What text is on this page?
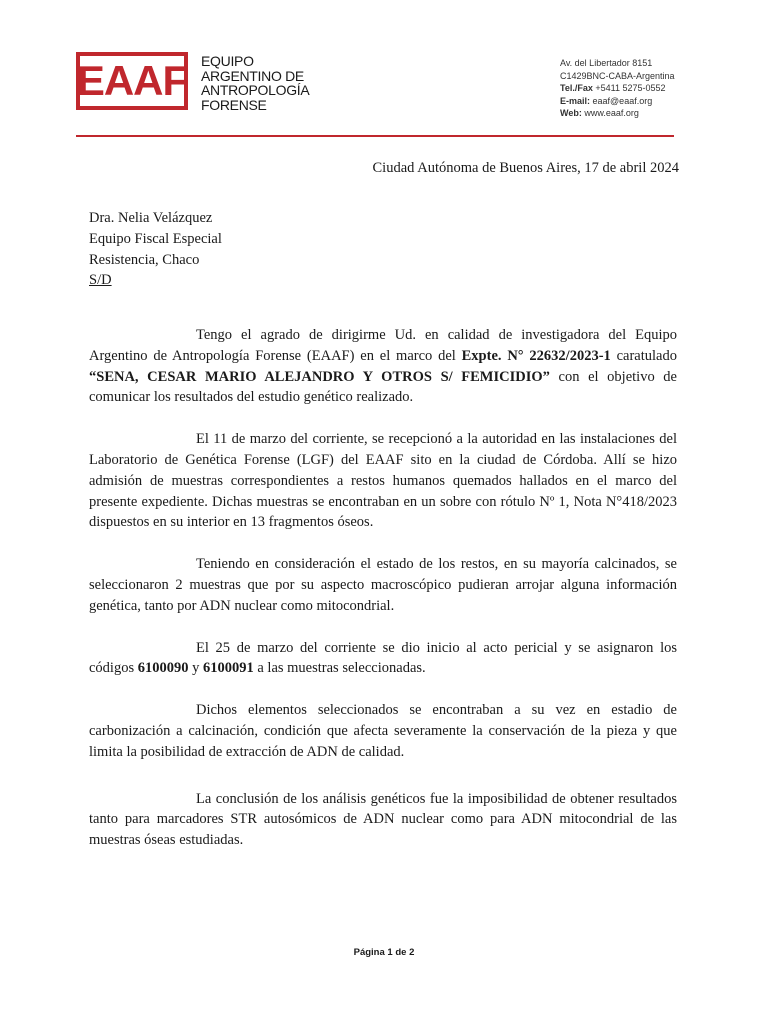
EAAF EQUIPO
ARGENTINO DE
ANTROPOLOGÍA
FORENSE
Av. del Libertador 8151
C1429BNC-CABA-Argentina
Tel./Fax +5411 5275-0552
E-mail: eaaf@eaaf.org
Web: www.eaaf.org
Ciudad Autónoma de Buenos Aires, 17 de abril 2024
Dra. Nelia Velázquez
Equipo Fiscal Especial
Resistencia, Chaco
S/D

Tengo el agrado de dirigirme Ud. en calidad de investigadora del Equipo Argentino de Antropología Forense (EAAF) en el marco del Expte. N° 22632/2023-1 caratulado “SENA, CESAR MARIO ALEJANDRO Y OTROS S/ FEMICIDIO” con el objetivo de comunicar los resultados del estudio genético realizado.

El 11 de marzo del corriente, se recepcionó a la autoridad en las instalaciones del Laboratorio de Genética Forense (LGF) del EAAF sito en la ciudad de Córdoba. Allí se hizo admisión de muestras correspondientes a restos humanos quemados hallados en el marco del presente expediente. Dichas muestras se encontraban en un sobre con rótulo Nº 1, Nota N°418/2023 dispuestos en su interior en 13 fragmentos óseos.

Teniendo en consideración el estado de los restos, en su mayoría calcinados, se seleccionaron 2 muestras que por su aspecto macroscópico pudieran arrojar alguna información genética, tanto por ADN nuclear como mitocondrial.

El 25 de marzo del corriente se dio inicio al acto pericial y se asignaron los códigos 6100090 y 6100091 a las muestras seleccionadas.

Dichos elementos seleccionados se encontraban a su vez en estadio de carbonización a calcinación, condición que afecta severamente la conservación de la pieza y que limita la posibilidad de extracción de ADN de calidad.

La conclusión de los análisis genéticos fue la imposibilidad de obtener resultados tanto para marcadores STR autosómicos de ADN nuclear como para ADN mitocondrial de las muestras óseas estudiadas.

Página 1 de 2
